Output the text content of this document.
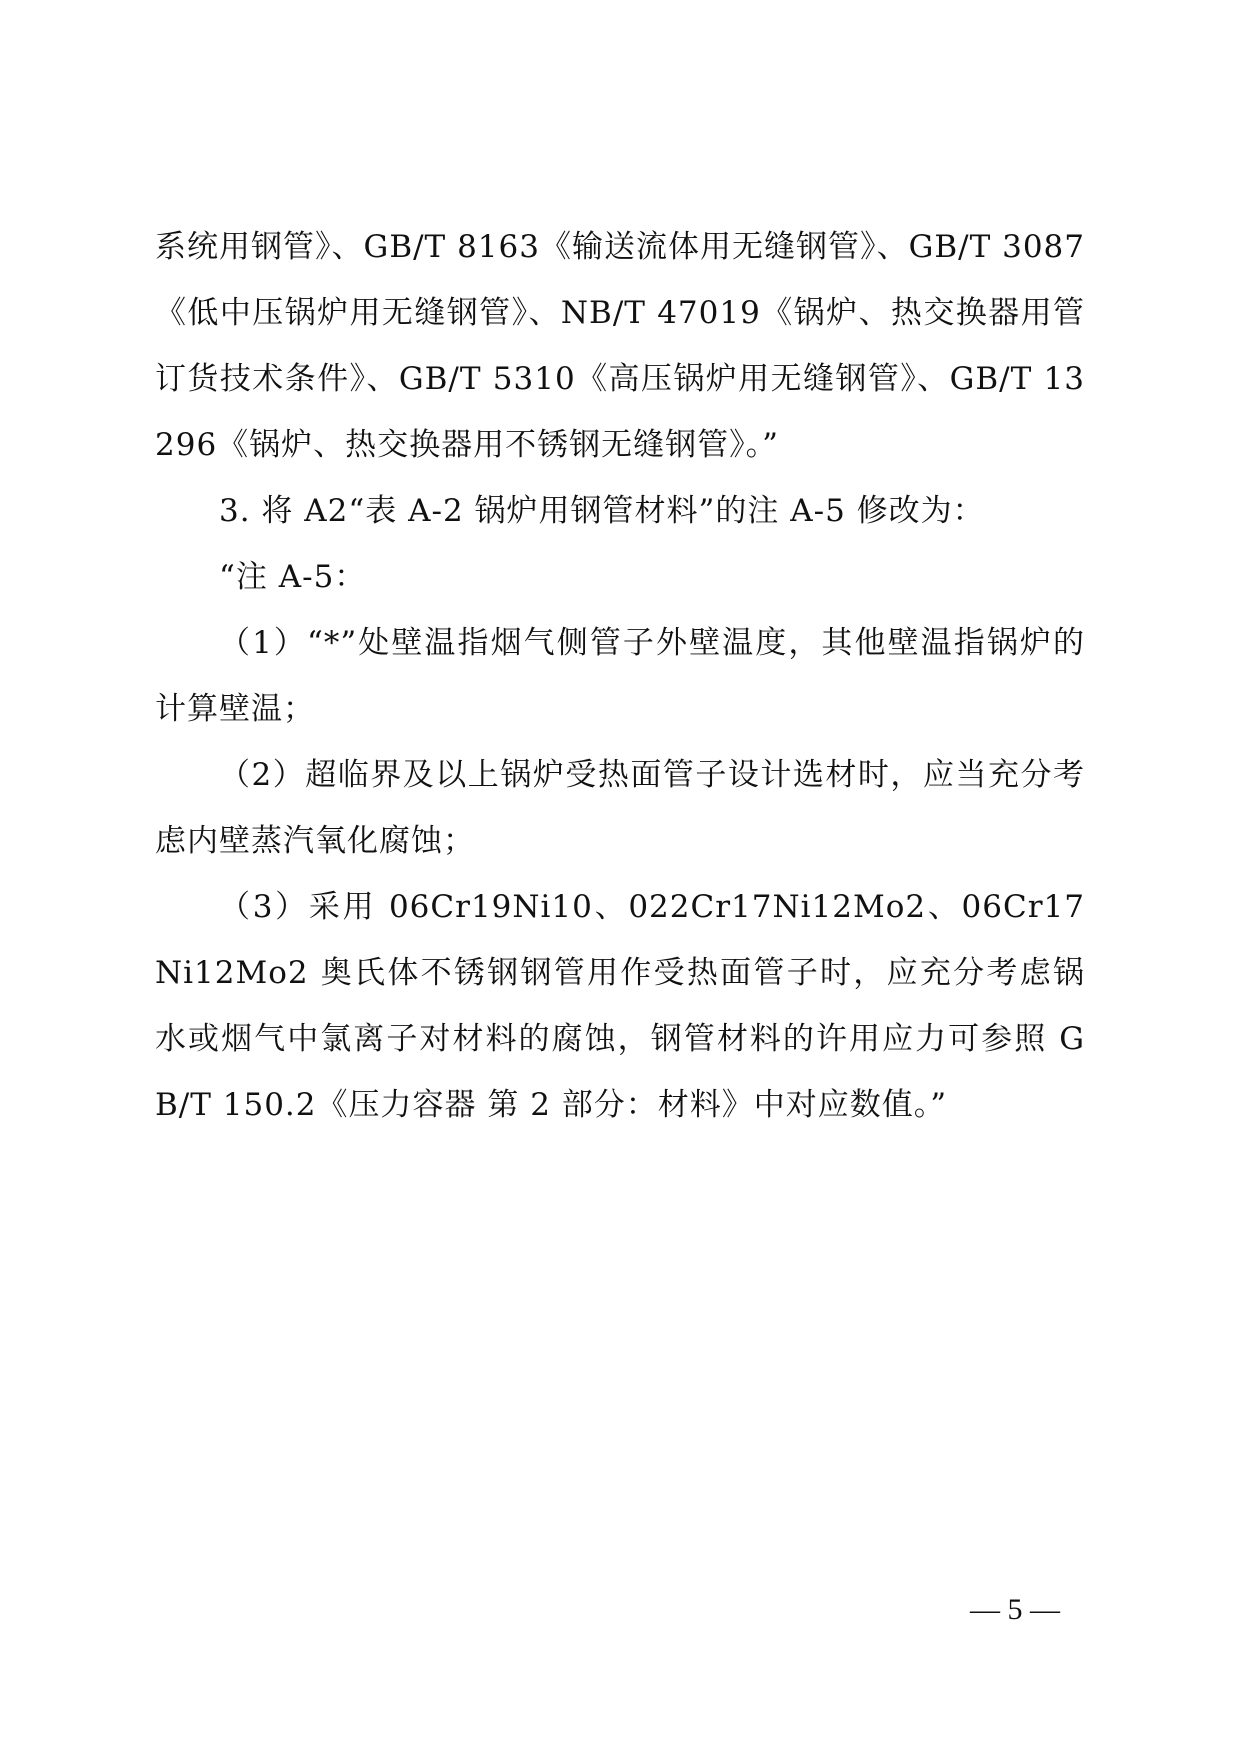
系统用钢管》、GB/T 8163《输送流体用无缝钢管》、GB/T 3087《低中压锅炉用无缝钢管》、NB/T 47019《锅炉、热交换器用管订货技术条件》、GB/T 5310《高压锅炉用无缝钢管》、GB/T 13296《锅炉、热交换器用不锈钢无缝钢管》。”

3. 将 A2“表 A-2 锅炉用钢管材料”的注 A-5 修改为：

“注 A-5：

（1）“*”处壁温指烟气侧管子外壁温度，其他壁温指锅炉的计算壁温；

（2）超临界及以上锅炉受热面管子设计选材时，应当充分考虑内壁蒸汽氧化腐蚀；

（3）采用 06Cr19Ni10、022Cr17Ni12Mo2、06Cr17Ni12Mo2 奥氏体不锈钢钢管用作受热面管子时，应充分考虑锅水或烟气中氯离子对材料的腐蚀，钢管材料的许用应力可参照 GB/T 150.2《压力容器 第 2 部分：材料》中对应数值。”

— 5 —
